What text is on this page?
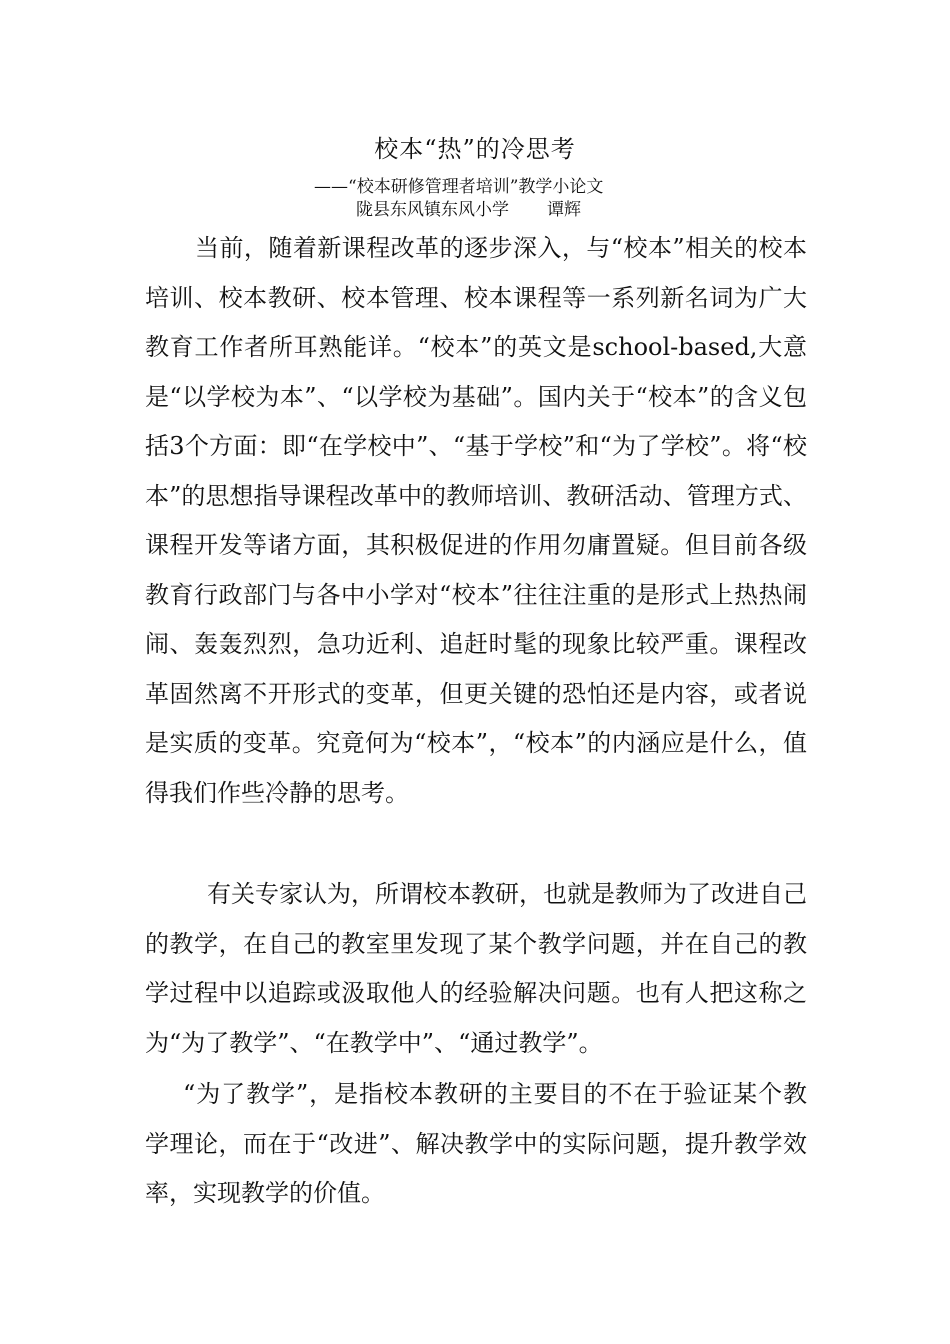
校本“热”的冷思考
——“校本研修管理者培训”教学小论文
陇县东风镇东风小学 谭辉

当前，随着新课程改革的逐步深入，与“校本”相关的校本培训、校本教研、校本管理、校本课程等一系列新名词为广大教育工作者所耳熟能详。“校本”的英文是school-based,大意是“以学校为本”、“以学校为基础”。国内关于“校本”的含义包括3个方面：即“在学校中”、“基于学校”和“为了学校”。将“校本”的思想指导课程改革中的教师培训、教研活动、管理方式、课程开发等诸方面，其积极促进的作用勿庸置疑。但目前各级教育行政部门与各中小学对“校本”往往注重的是形式上热热闹闹、轰轰烈烈，急功近利、追赶时髦的现象比较严重。课程改革固然离不开形式的变革，但更关键的恐怕还是内容，或者说是实质的变革。究竟何为“校本”，“校本”的内涵应是什么，值得我们作些冷静的思考。

有关专家认为，所谓校本教研，也就是教师为了改进自己的教学，在自己的教室里发现了某个教学问题，并在自己的教学过程中以追踪或汲取他人的经验解决问题。也有人把这称之为“为了教学”、“在教学中”、“通过教学”。

“为了教学”，是指校本教研的主要目的不在于验证某个教学理论，而在于“改进”、解决教学中的实际问题，提升教学效率，实现教学的价值。
